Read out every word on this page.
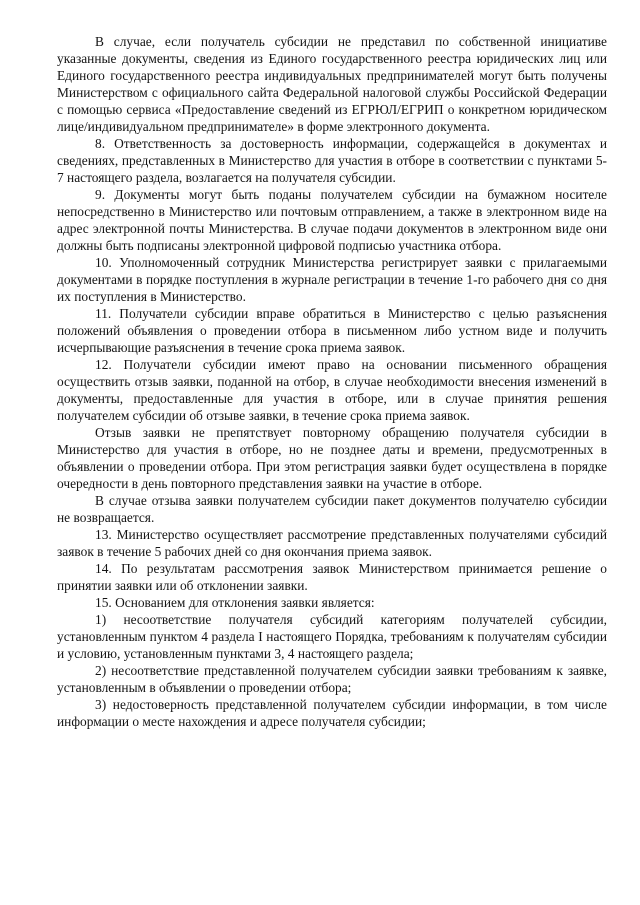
В случае, если получатель субсидии не представил по собственной инициативе указанные документы, сведения из Единого государственного реестра юридических лиц или Единого государственного реестра индивидуальных предпринимателей могут быть получены Министерством с официального сайта Федеральной налоговой службы Российской Федерации с помощью сервиса «Предоставление сведений из ЕГРЮЛ/ЕГРИП о конкретном юридическом лице/индивидуальном предпринимателе» в форме электронного документа.

8. Ответственность за достоверность информации, содержащейся в документах и сведениях, представленных в Министерство для участия в отборе в соответствии с пунктами 5-7 настоящего раздела, возлагается на получателя субсидии.

9. Документы могут быть поданы получателем субсидии на бумажном носителе непосредственно в Министерство или почтовым отправлением, а также в электронном виде на адрес электронной почты Министерства. В случае подачи документов в электронном виде они должны быть подписаны электронной цифровой подписью участника отбора.

10. Уполномоченный сотрудник Министерства регистрирует заявки с прилагаемыми документами в порядке поступления в журнале регистрации в течение 1-го рабочего дня со дня их поступления в Министерство.

11. Получатели субсидии вправе обратиться в Министерство с целью разъяснения положений объявления о проведении отбора в письменном либо устном виде и получить исчерпывающие разъяснения в течение срока приема заявок.

12. Получатели субсидии имеют право на основании письменного обращения осуществить отзыв заявки, поданной на отбор, в случае необходимости внесения изменений в документы, предоставленные для участия в отборе, или в случае принятия решения получателем субсидии об отзыве заявки, в течение срока приема заявок.

Отзыв заявки не препятствует повторному обращению получателя субсидии в Министерство для участия в отборе, но не позднее даты и времени, предусмотренных в объявлении о проведении отбора. При этом регистрация заявки будет осуществлена в порядке очередности в день повторного представления заявки на участие в отборе.

В случае отзыва заявки получателем субсидии пакет документов получателю субсидии не возвращается.

13. Министерство осуществляет рассмотрение представленных получателями субсидий заявок в течение 5 рабочих дней со дня окончания приема заявок.

14. По результатам рассмотрения заявок Министерством принимается решение о принятии заявки или об отклонении заявки.

15. Основанием для отклонения заявки является:

1) несоответствие получателя субсидий категориям получателей субсидии, установленным пунктом 4 раздела I настоящего Порядка, требованиям к получателям субсидии и условию, установленным пунктами 3, 4 настоящего раздела;

2) несоответствие представленной получателем субсидии заявки требованиям к заявке, установленным в объявлении о проведении отбора;

3) недостоверность представленной получателем субсидии информации, в том числе информации о месте нахождения и адресе получателя субсидии;
